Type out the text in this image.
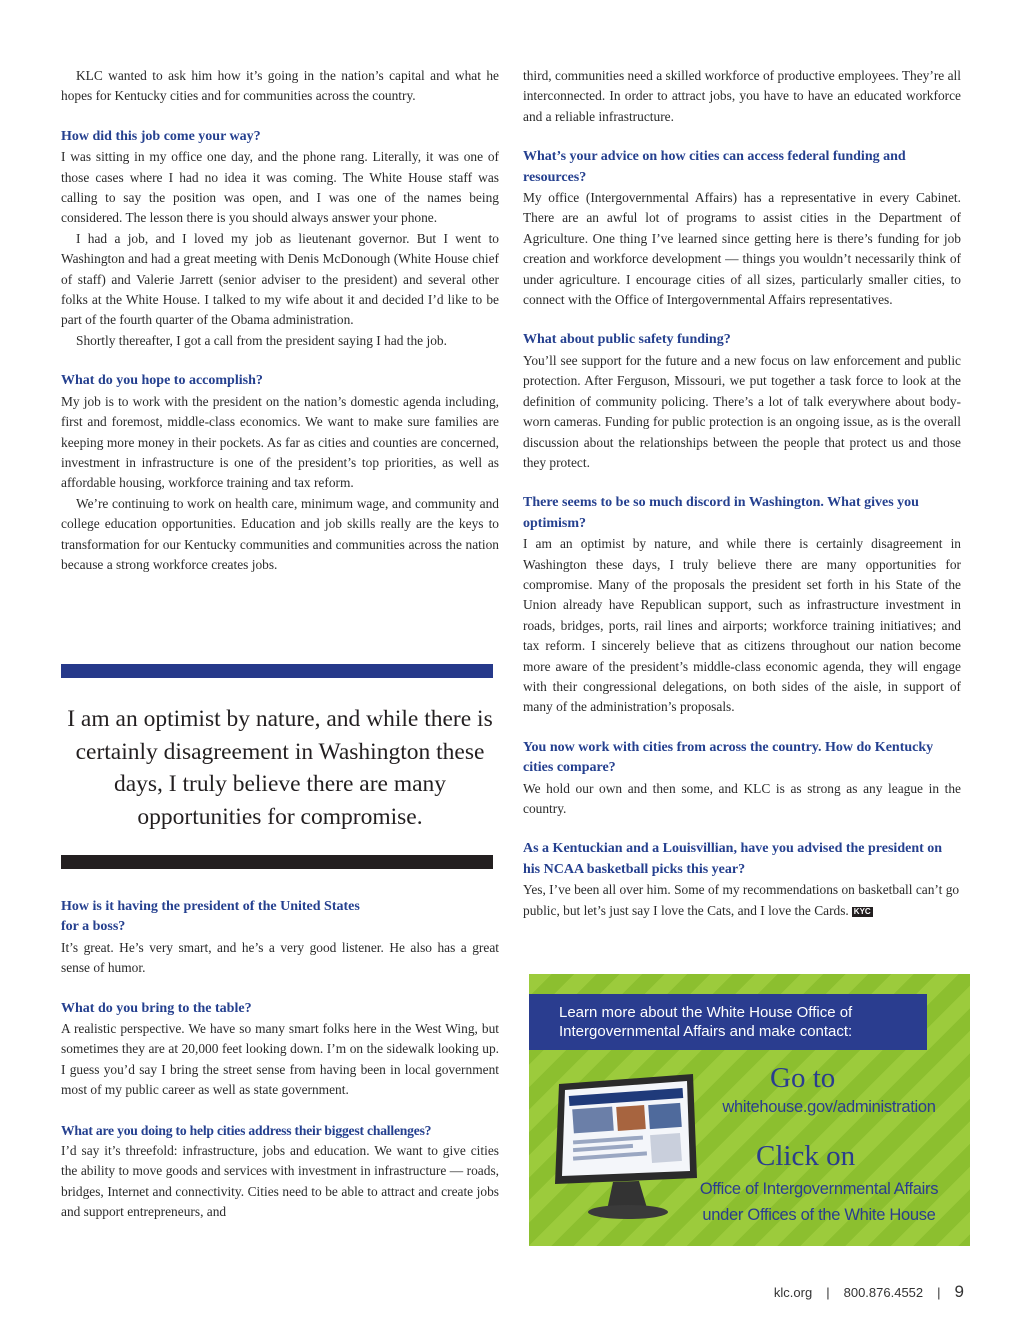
KLC wanted to ask him how it’s going in the nation’s capital and what he hopes for Kentucky cities and for communities across the country.

How did this job come your way?

I was sitting in my office one day, and the phone rang. Literally, it was one of those cases where I had no idea it was coming. The White House staff was calling to say the position was open, and I was one of the names being considered. The lesson there is you should always answer your phone.

I had a job, and I loved my job as lieutenant governor. But I went to Washington and had a great meeting with Denis McDonough (White House chief of staff) and Valerie Jarrett (senior adviser to the president) and several other folks at the White House. I talked to my wife about it and decided I’d like to be part of the fourth quarter of the Obama administration.

Shortly thereafter, I got a call from the president saying I had the job.

What do you hope to accomplish?

My job is to work with the president on the nation’s domestic agenda including, first and foremost, middle-class economics. We want to make sure families are keeping more money in their pockets. As far as cities and counties are concerned, investment in infrastructure is one of the president’s top priorities, as well as affordable housing, workforce training and tax reform.

We’re continuing to work on health care, minimum wage, and community and college education opportunities. Education and job skills really are the keys to transformation for our Kentucky communities and communities across the nation because a strong workforce creates jobs.

I am an optimist by nature, and while there is certainly disagreement in Washington these days, I truly believe there are many opportunities for compromise.
How is it having the president of the United States
for a boss?

It’s great. He’s very smart, and he’s a very good listener. He also has a great sense of humor.

What do you bring to the table?

A realistic perspective. We have so many smart folks here in the West Wing, but sometimes they are at 20,000 feet looking down. I’m on the sidewalk looking up. I guess you’d say I bring the street sense from having been in local government most of my public career as well as state government.

What are you doing to help cities address their biggest challenges?

I’d say it’s threefold: infrastructure, jobs and education. We want to give cities the ability to move goods and services with investment in infrastructure — roads, bridges, Internet and connectivity. Cities need to be able to attract and create jobs and support entrepreneurs, and

third, communities need a skilled workforce of productive employees. They’re all interconnected. In order to attract jobs, you have to have an educated workforce and a reliable infrastructure.

What’s your advice on how cities can access federal funding and resources?

My office (Intergovernmental Affairs) has a representative in every Cabinet. There are an awful lot of programs to assist cities in the Department of Agriculture. One thing I’ve learned since getting here is there’s funding for job creation and workforce development — things you wouldn’t necessarily think of under agriculture. I encourage cities of all sizes, particularly smaller cities, to connect with the Office of Intergovernmental Affairs representatives.

What about public safety funding?

You’ll see support for the future and a new focus on law enforcement and public protection. After Ferguson, Missouri, we put together a task force to look at the definition of community policing. There’s a lot of talk everywhere about body-worn cameras. Funding for public protection is an ongoing issue, as is the overall discussion about the relationships between the people that protect us and those they protect.

There seems to be so much discord in Washington. What gives you optimism?

I am an optimist by nature, and while there is certainly disagreement in Washington these days, I truly believe there are many opportunities for compromise. Many of the proposals the president set forth in his State of the Union already have Republican support, such as infrastructure investment in roads, bridges, ports, rail lines and airports; workforce training initiatives; and tax reform. I sincerely believe that as citizens throughout our nation become more aware of the president’s middle-class economic agenda, they will engage with their congressional delegations, on both sides of the aisle, in support of many of the administration’s proposals.

You now work with cities from across the country. How do Kentucky cities compare?

We hold our own and then some, and KLC is as strong as any league in the country.

As a Kentuckian and a Louisvillian, have you advised the president on his NCAA basketball picks this year?

Yes, I’ve been all over him. Some of my recommendations on basketball can’t go public, but let’s just say I love the Cats, and I love the Cards. KYC

Learn more about the White House Office of Intergovernmental Affairs and make contact:
Go to
whitehouse.gov/administration
Click on
Office of Intergovernmental Affairs
under Offices of the White House
klc.org | 800.876.4552 | 9
